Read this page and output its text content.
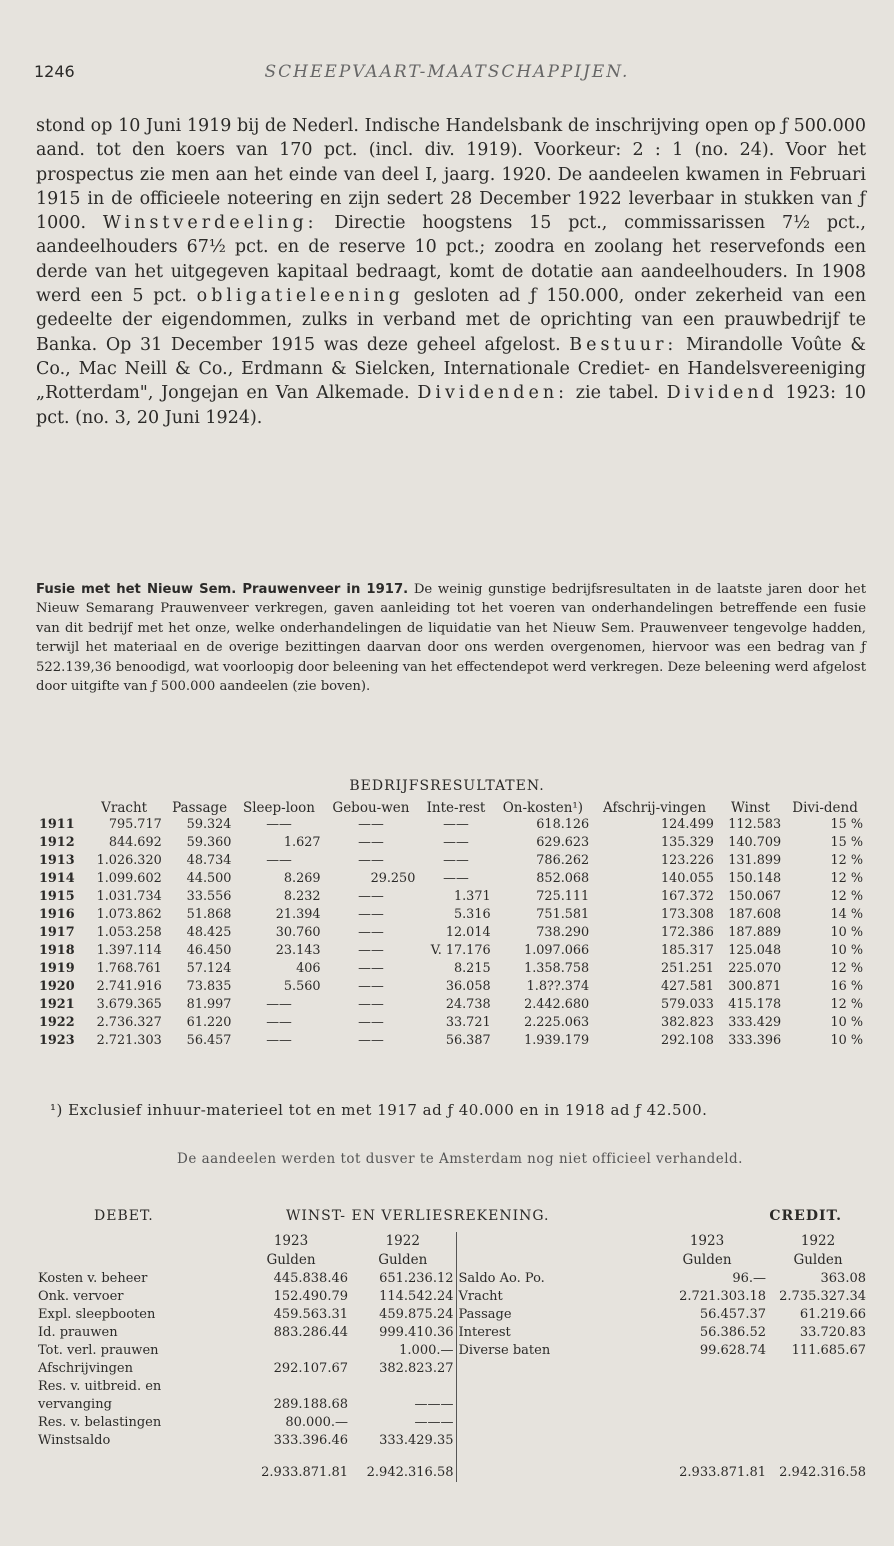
1246	SCHEEPVAART-MAATSCHAPPIJEN.
stond op 10 Juni 1919 bij de Nederl. Indische Handelsbank de inschrijving open op ƒ 500.000 aand. tot den koers van 170 pct. (incl. div. 1919). Voorkeur: 2 : 1 (no. 24). Voor het prospectus zie men aan het einde van deel I, jaarg. 1920. De aandeelen kwamen in Februari 1915 in de officieele noteering en zijn sedert 28 December 1922 leverbaar in stukken van ƒ 1000. Winstverdeeling: Directie hoogstens 15 pct., commissarissen 7½ pct., aandeelhouders 67½ pct. en de reserve 10 pct.; zoodra en zoolang het reservefonds een derde van het uitgegeven kapitaal bedraagt, komt de dotatie aan aandeelhouders. In 1908 werd een 5 pct. obligatieleening gesloten ad ƒ 150.000, onder zekerheid van een gedeelte der eigendommen, zulks in verband met de oprichting van een prauwbedrijf te Banka. Op 31 December 1915 was deze geheel afgelost. Bestuur: Mirandolle Voûte & Co., Mac Neill & Co., Erdmann & Sielcken, Internationale Crediet- en Handelsvereeniging „Rotterdam", Jongejan en Van Alkemade. Dividenden: zie tabel. Dividend 1923: 10 pct. (no. 3, 20 Juni 1924).
Fusie met het Nieuw Sem. Prauwenveer in 1917. De weinig gunstige bedrijfsresultaten in de laatste jaren door het Nieuw Semarang Prauwenveer verkregen, gaven aanleiding tot het voeren van onderhandelingen betreffende een fusie van dit bedrijf met het onze, welke onderhandelingen de liquidatie van het Nieuw Sem. Prauwenveer tengevolge hadden, terwijl het materiaal en de overige bezittingen daarvan door ons werden overgenomen, hiervoor was een bedrag van ƒ 522.139,36 benoodigd, wat voorloopig door beleening van het effectendepot werd verkregen. Deze beleening werd afgelost door uitgifte van ƒ 500.000 aandeelen (zie boven).
BEDRIJFSRESULTATEN.
	Vracht	Passage	Sleep-loon	Gebou-wen	Inte-rest	On-kosten¹)	Afschrij-vingen	Winst	Divi-dend
1911	795.717	59.324	——	——	——	618.126	124.499	112.583	15 %
1912	844.692	59.360	1.627	——	——	629.623	135.329	140.709	15 %
1913	1.026.320	48.734	——	——	——	786.262	123.226	131.899	12 %
1914	1.099.602	44.500	8.269	29.250	——	852.068	140.055	150.148	12 %
1915	1.031.734	33.556	8.232	——	1.371	725.111	167.372	150.067	12 %
1916	1.073.862	51.868	21.394	——	5.316	751.581	173.308	187.608	14 %
1917	1.053.258	48.425	30.760	——	12.014	738.290	172.386	187.889	10 %
1918	1.397.114	46.450	23.143	——	V. 17.176	1.097.066	185.317	125.048	10 %
1919	1.768.761	57.124	406	——	8.215	1.358.758	251.251	225.070	12 %
1920	2.741.916	73.835	5.560	——	36.058	1.8??.374	427.581	300.871	16 %
1921	3.679.365	81.997	——	——	24.738	2.442.680	579.033	415.178	12 %
1922	2.736.327	61.220	——	——	33.721	2.225.063	382.823	333.429	10 %
1923	2.721.303	56.457	——	——	56.387	1.939.179	292.108	333.396	10 %
¹) Exclusief inhuur-materieel tot en met 1917 ad ƒ 40.000 en in 1918 ad ƒ 42.500.
De aandeelen werden tot dusver te Amsterdam nog niet officieel verhandeld.
DEBET.	WINST- EN VERLIESREKENING.	CREDIT.
	1923	1922		1923	1922
	Gulden	Gulden		Gulden	Gulden
Kosten v. beheer	445.838.46	651.236.12	Saldo Ao. Po.	96.—	363.08
Onk. vervoer	152.490.79	114.542.24	Vracht	2.721.303.18	2.735.327.34
Expl. sleepbooten	459.563.31	459.875.24	Passage	56.457.37	61.219.66
Id. prauwen	883.286.44	999.410.36	Interest	56.386.52	33.720.83
Tot. verl. prauwen		1.000.—	Diverse baten	99.628.74	111.685.67
Afschrijvingen	292.107.67	382.823.27			
Res. v. uitbreid. en					
vervanging	289.188.68	———			
Res. v. belastingen	80.000.—	———			
Winstsaldo	333.396.46	333.429.35			
	2.933.871.81	2.942.316.58		2.933.871.81	2.942.316.58
